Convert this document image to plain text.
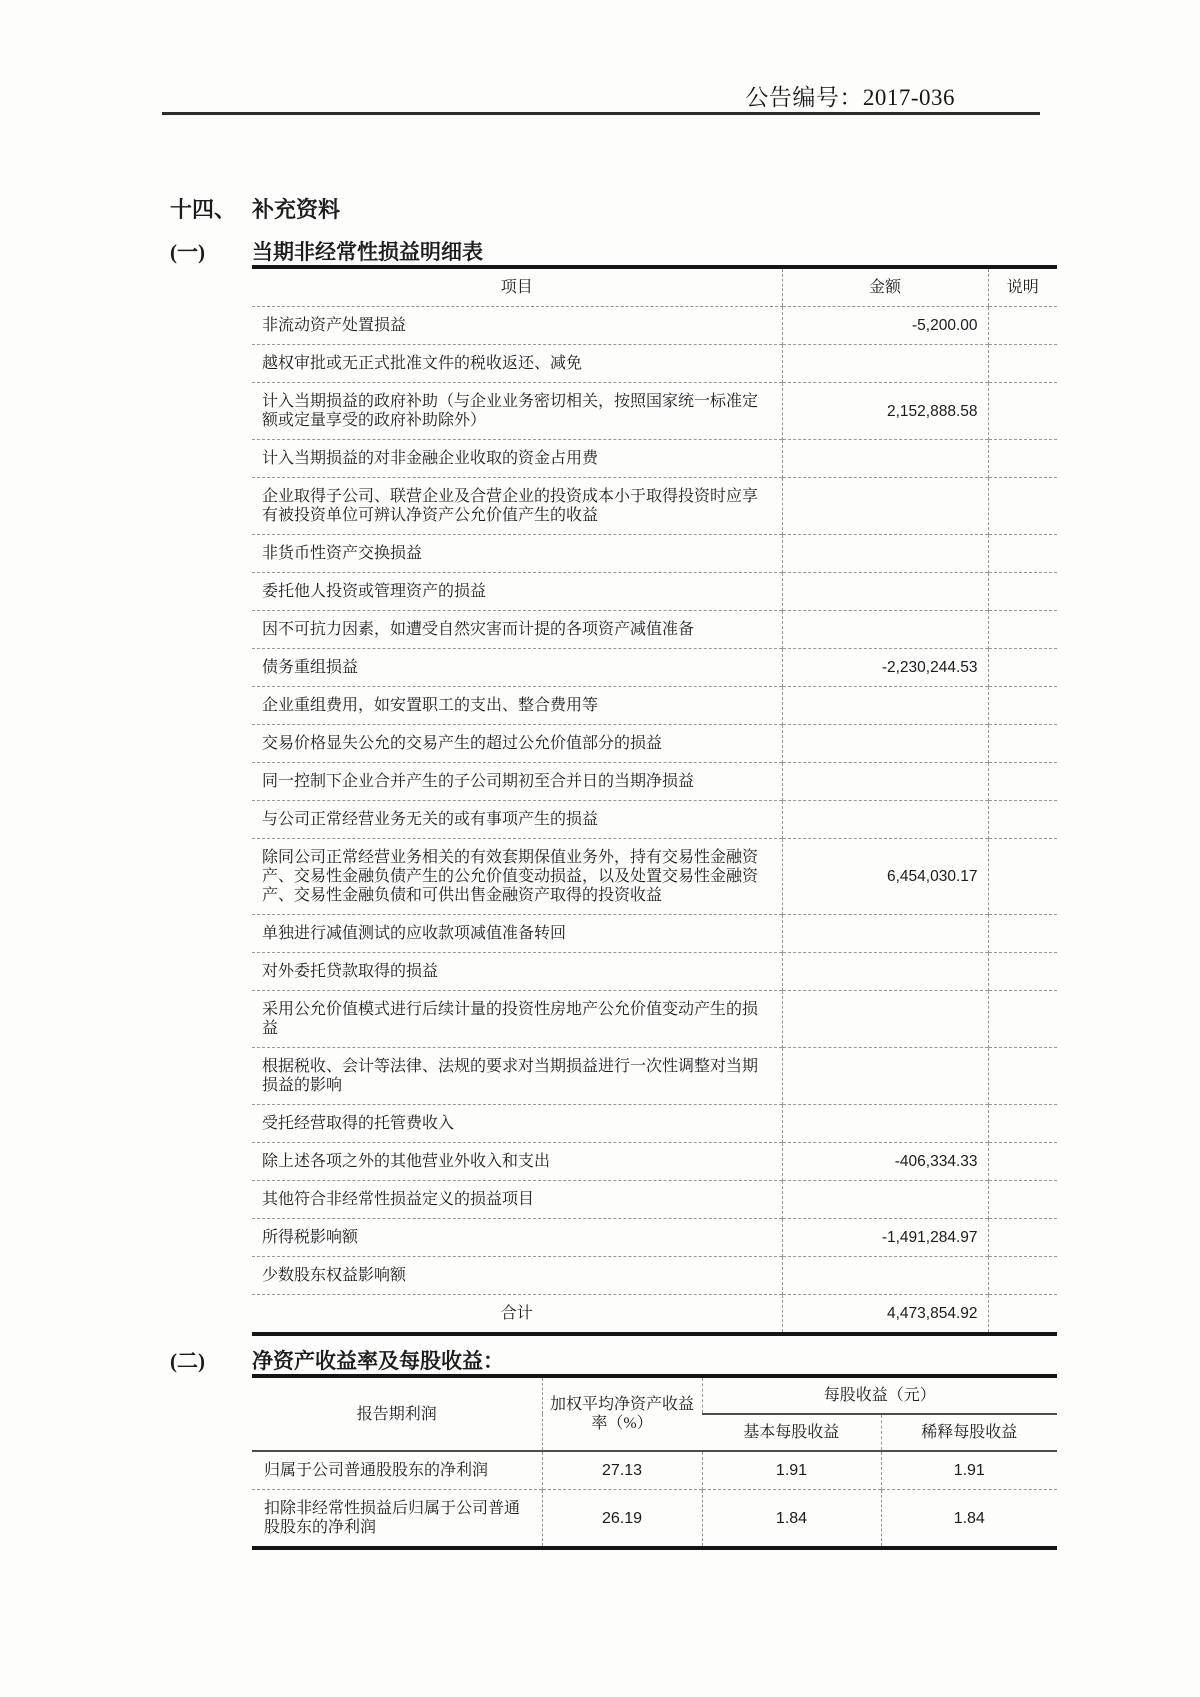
公告编号：2017-036
十四、 补充资料
(一)	当期非经常性损益明细表
项目	金额	说明
非流动资产处置损益	-5,200.00	
越权审批或无正式批准文件的税收返还、减免		
计入当期损益的政府补助（与企业业务密切相关，按照国家统一标准定额或定量享受的政府补助除外）	2,152,888.58	
计入当期损益的对非金融企业收取的资金占用费		
企业取得子公司、联营企业及合营企业的投资成本小于取得投资时应享有被投资单位可辨认净资产公允价值产生的收益		
非货币性资产交换损益		
委托他人投资或管理资产的损益		
因不可抗力因素，如遭受自然灾害而计提的各项资产减值准备		
债务重组损益	-2,230,244.53	
企业重组费用，如安置职工的支出、整合费用等		
交易价格显失公允的交易产生的超过公允价值部分的损益		
同一控制下企业合并产生的子公司期初至合并日的当期净损益		
与公司正常经营业务无关的或有事项产生的损益		
除同公司正常经营业务相关的有效套期保值业务外，持有交易性金融资产、交易性金融负债产生的公允价值变动损益，以及处置交易性金融资产、交易性金融负债和可供出售金融资产取得的投资收益	6,454,030.17	
单独进行减值测试的应收款项减值准备转回		
对外委托贷款取得的损益		
采用公允价值模式进行后续计量的投资性房地产公允价值变动产生的损益		
根据税收、会计等法律、法规的要求对当期损益进行一次性调整对当期损益的影响		
受托经营取得的托管费收入		
除上述各项之外的其他营业外收入和支出	-406,334.33	
其他符合非经常性损益定义的损益项目		
所得税影响额	-1,491,284.97	
少数股东权益影响额		
合计	4,473,854.92	
(二)	净资产收益率及每股收益：
报告期利润	加权平均净资产收益率（%）	每股收益（元）	
		基本每股收益	稀释每股收益
归属于公司普通股股东的净利润	27.13	1.91	1.91
扣除非经常性损益后归属于公司普通股股东的净利润	26.19	1.84	1.84
